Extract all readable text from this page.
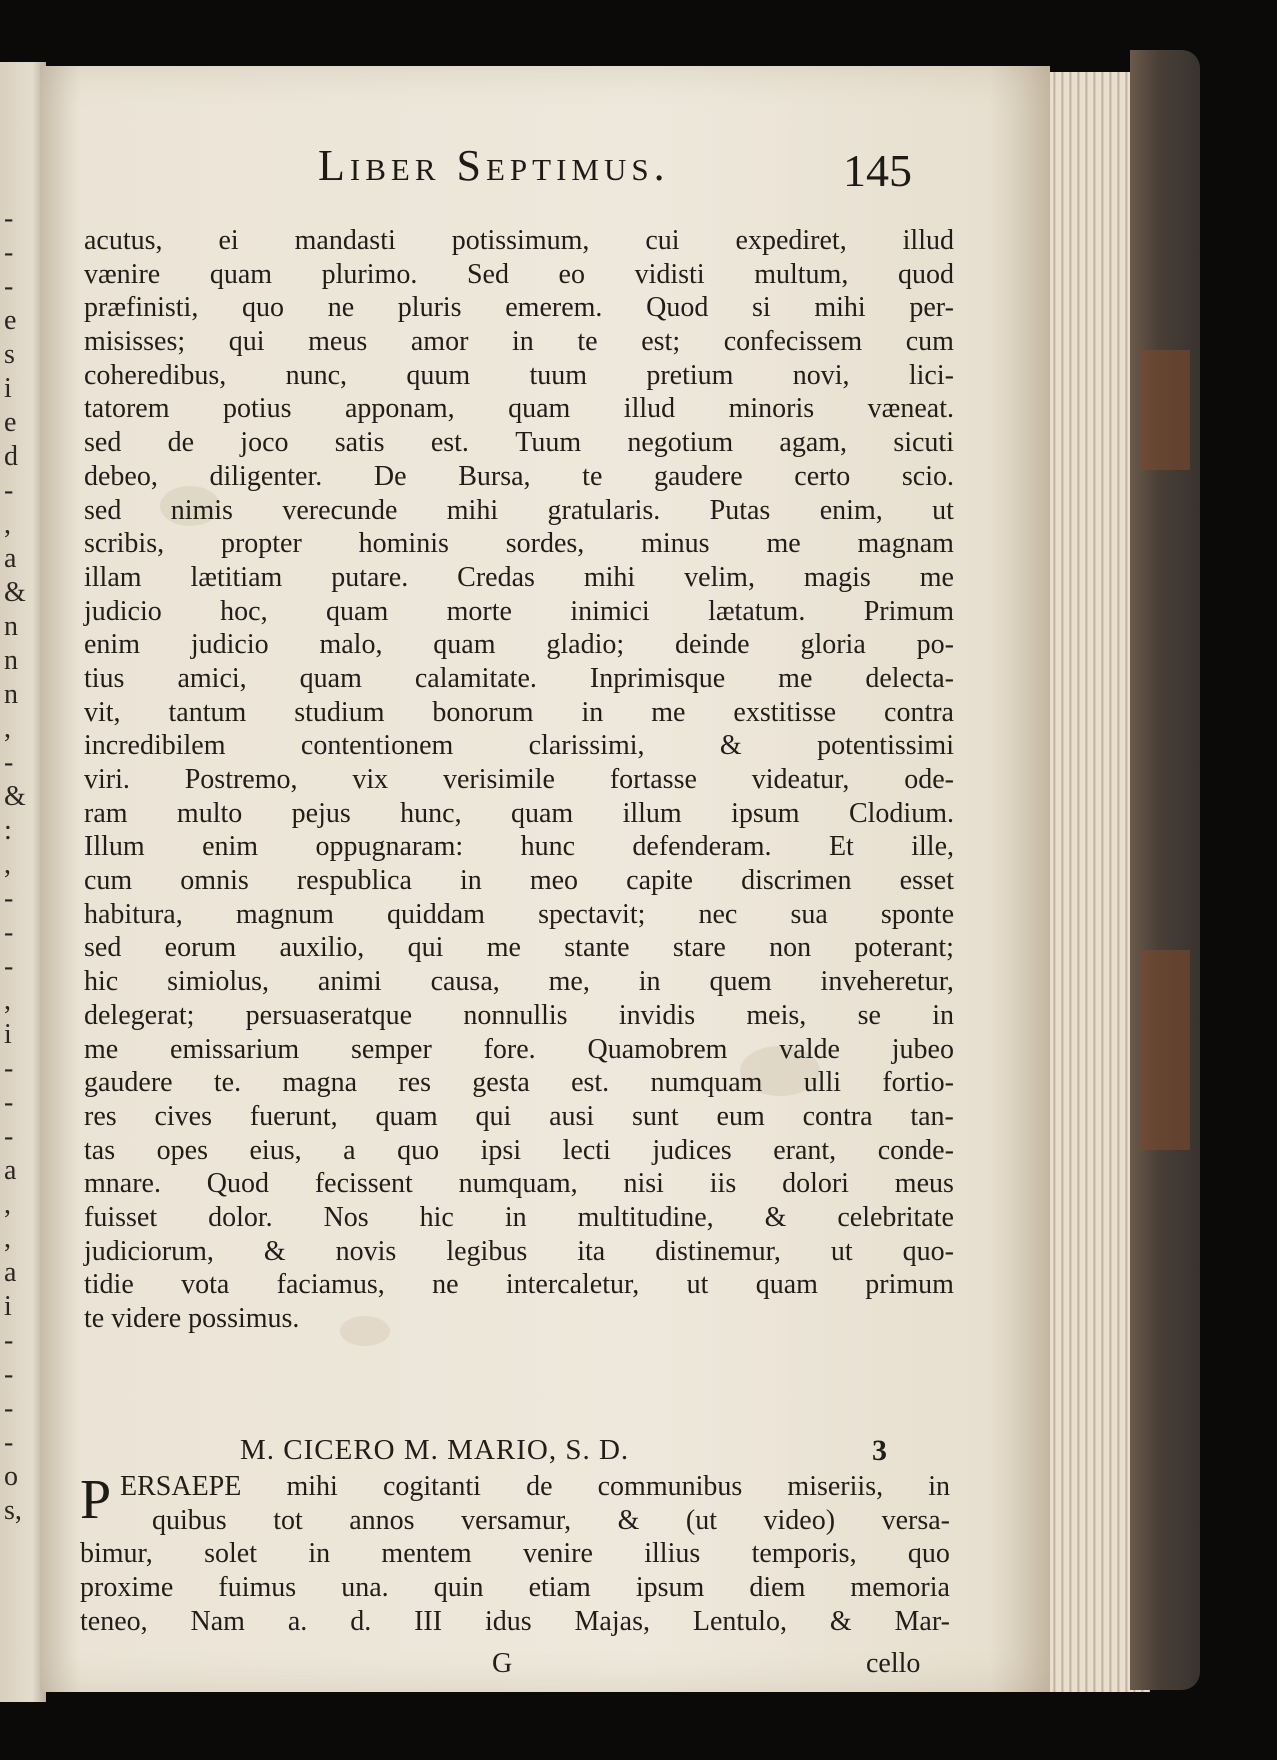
-
-
-
e
s
i
e
d
-
,
a
&
n
n
n
,
-
&
:
,
-
-
-
,
i
-
-
-
a
,
,
a
i
-
-
-
-
o
s,
Liber Septimus.	145
acutus, ei mandasti potissimum, cui expediret, illud
vænire quam plurimo. Sed eo vidisti multum, quod
præfinisti, quo ne pluris emerem. Quod si mihi per-
misisses; qui meus amor in te est; confecissem cum
coheredibus, nunc, quum tuum pretium novi, lici-
tatorem potius apponam, quam illud minoris væneat.
sed de joco satis est. Tuum negotium agam, sicuti
debeo, diligenter. De Bursa, te gaudere certo scio.
sed nimis verecunde mihi gratularis. Putas enim, ut
scribis, propter hominis sordes, minus me magnam
illam lætitiam putare. Credas mihi velim, magis me
judicio hoc, quam morte inimici lætatum. Primum
enim judicio malo, quam gladio; deinde gloria po-
tius amici, quam calamitate. Inprimisque me delecta-
vit, tantum studium bonorum in me exstitisse contra
incredibilem	contentionem	clarissimi,	&	potentissimi
viri. Postremo, vix verisimile fortasse videatur, ode-
ram multo pejus hunc, quam illum ipsum Clodium.
Illum enim oppugnaram: hunc defenderam. Et ille,
cum omnis respublica in meo capite discrimen esset
habitura, magnum quiddam spectavit; nec sua sponte
sed eorum auxilio, qui me stante stare non poterant;
hic simiolus, animi causa, me, in quem inveheretur,
delegerat; persuaseratque nonnullis invidis meis, se in
me emissarium semper fore. Quamobrem valde jubeo
gaudere te. magna res gesta est. numquam ulli fortio-
res cives fuerunt, quam qui ausi sunt eum contra tan-
tas opes eius, a quo ipsi lecti judices erant, conde-
mnare. Quod fecissent numquam, nisi iis dolori meus
fuisset dolor. Nos hic in multitudine, & celebritate
judiciorum, & novis legibus ita distinemur, ut quo-
tidie vota faciamus, ne intercaletur, ut quam primum
te videre possimus.
M. CICERO M. MARIO, S. D.	3
P ERSAEPE mihi cogitanti de communibus miseriis, in
quibus tot annos versamur, & (ut video) versa-
bimur, solet in mentem venire illius temporis, quo
proxime fuimus una. quin etiam ipsum diem memoria
teneo, Nam a. d. III idus Majas, Lentulo, & Mar-
G	cello
